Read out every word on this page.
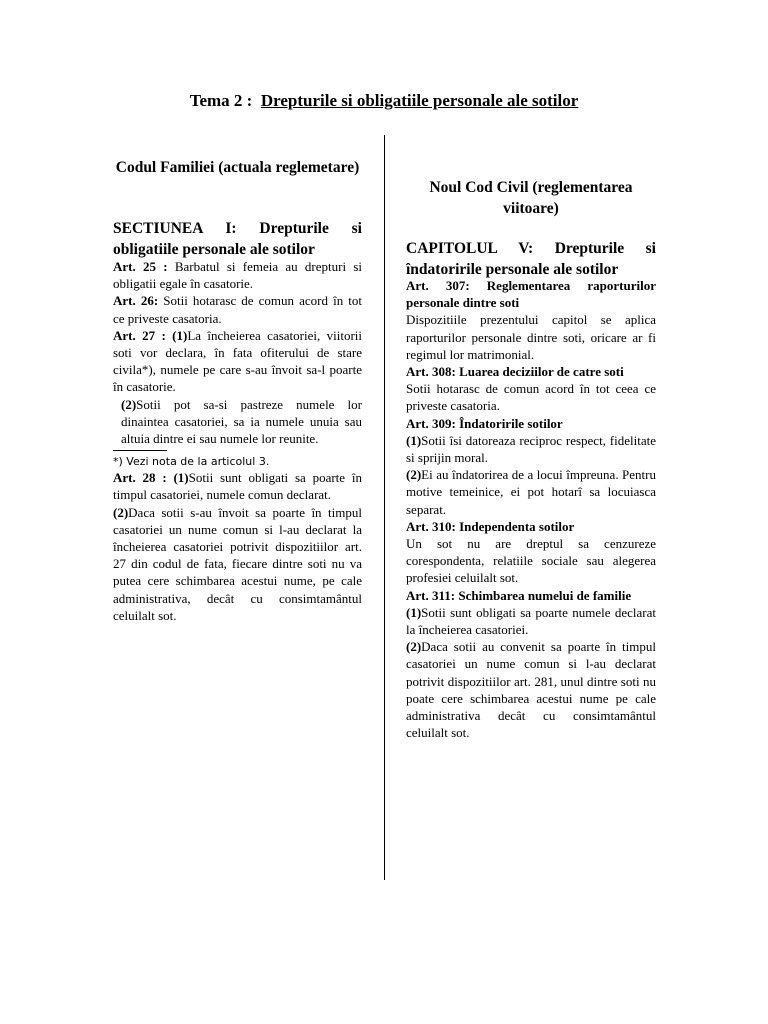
Tema 2 : Drepturile si obligatiile personale ale sotilor
Codul Familiei (actuala reglemetare)
SECTIUNEA I: Drepturile si obligatiile personale ale sotilor

Art. 25 : Barbatul si femeia au drepturi si obligatii egale în casatorie.

Art. 26: Sotii hotarasc de comun acord în tot ce priveste casatoria.

Art. 27 : (1)La încheierea casatoriei, viitorii soti vor declara, în fata ofiterului de stare civila*), numele pe care s-au învoit sa-l poarte în casatorie.

(2)Sotii pot sa-si pastreze numele lor dinaintea casatoriei, sa ia numele unuia sau altuia dintre ei sau numele lor reunite.

*) Vezi nota de la articolul 3.

Art. 28 : (1)Sotii sunt obligati sa poarte în timpul casatoriei, numele comun declarat.

(2)Daca sotii s-au învoit sa poarte în timpul casatoriei un nume comun si l-au declarat la încheierea casatoriei potrivit dispozitiilor art. 27 din codul de fata, fiecare dintre soti nu va putea cere schimbarea acestui nume, pe cale administrativa, decât cu consimtamântul celuilalt sot.

Noul Cod Civil (reglementarea viitoare)
CAPITOLUL V: Drepturile si îndatoririle personale ale sotilor

Art. 307: Reglementarea raporturilor personale dintre soti

Dispozitiile prezentului capitol se aplica raporturilor personale dintre soti, oricare ar fi regimul lor matrimonial.

Art. 308: Luarea deciziilor de catre soti

Sotii hotarasc de comun acord în tot ceea ce priveste casatoria.

Art. 309: Îndatoririle sotilor

(1)Sotii îsi datoreaza reciproc respect, fidelitate si sprijin moral.

(2)Ei au îndatorirea de a locui împreuna. Pentru motive temeinice, ei pot hotarî sa locuiasca separat.

Art. 310: Independenta sotilor

Un sot nu are dreptul sa cenzureze corespondenta, relatiile sociale sau alegerea profesiei celuilalt sot.

Art. 311: Schimbarea numelui de familie

(1)Sotii sunt obligati sa poarte numele declarat la încheierea casatoriei.

(2)Daca sotii au convenit sa poarte în timpul casatoriei un nume comun si l-au declarat potrivit dispozitiilor art. 281, unul dintre soti nu poate cere schimbarea acestui nume pe cale administrativa decât cu consimtamântul celuilalt sot.
